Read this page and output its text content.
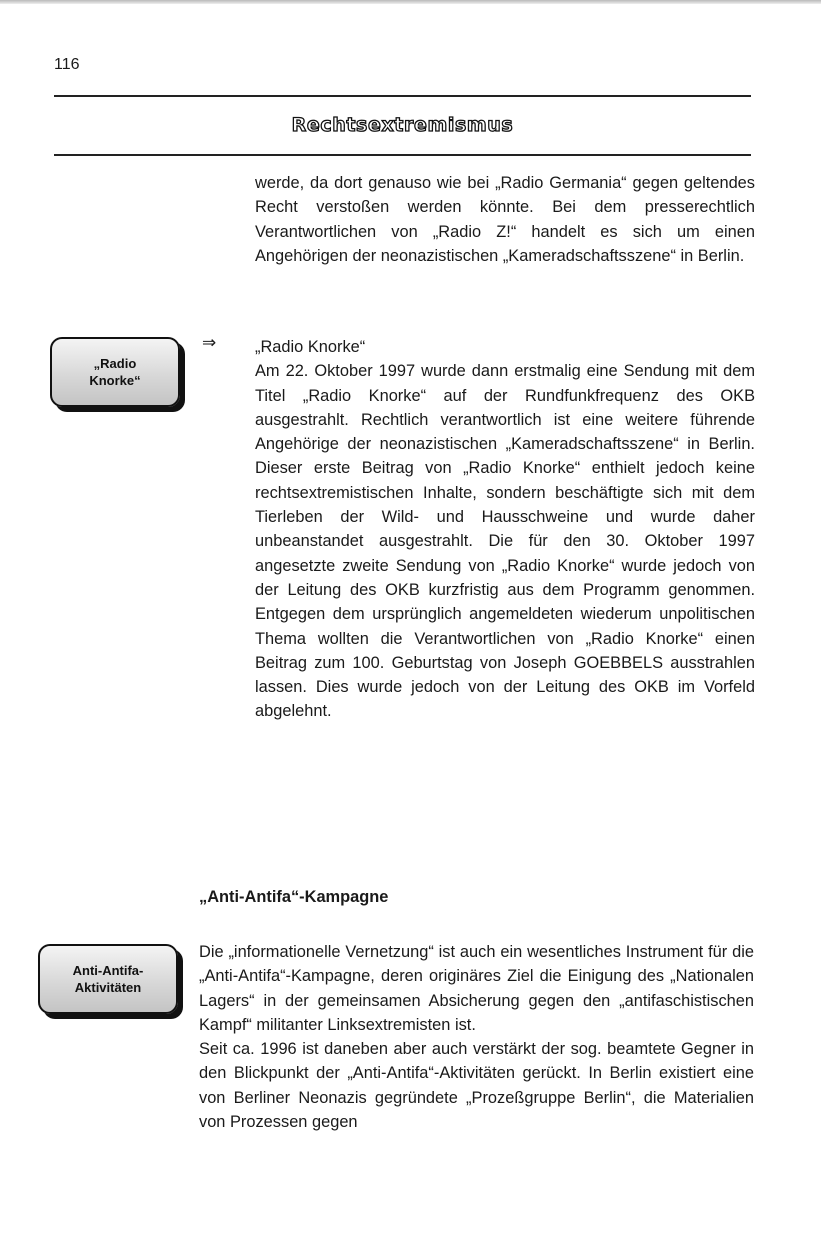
116
Rechtsextremismus

werde, da dort genauso wie bei „Radio Germania“ gegen geltendes Recht verstoßen werden könnte. Bei dem presserechtlich Verantwortlichen von „Radio Z!“ handelt es sich um einen Angehörigen der neonazistischen „Kameradschaftsszene“ in Berlin.

„Radio
Knorke“
⇒ „Radio Knorke“

Am 22. Oktober 1997 wurde dann erstmalig eine Sendung mit dem Titel „Radio Knorke“ auf der Rundfunkfrequenz des OKB ausgestrahlt. Rechtlich verantwortlich ist eine weitere führende Angehörige der neonazistischen „Kameradschaftsszene“ in Berlin. Dieser erste Beitrag von „Radio Knorke“ enthielt jedoch keine rechtsextremistischen Inhalte, sondern beschäftigte sich mit dem Tierleben der Wild- und Hausschweine und wurde daher unbeanstandet ausgestrahlt. Die für den 30. Oktober 1997 angesetzte zweite Sendung von „Radio Knorke“ wurde jedoch von der Leitung des OKB kurzfristig aus dem Programm genommen. Entgegen dem ursprünglich angemeldeten wiederum unpolitischen Thema wollten die Verantwortlichen von „Radio Knorke“ einen Beitrag zum 100. Geburtstag von Joseph GOEBBELS ausstrahlen lassen. Dies wurde jedoch von der Leitung des OKB im Vorfeld abgelehnt.

„Anti-Antifa“-Kampagne
Anti-Antifa-
Aktivitäten

Die „informationelle Vernetzung“ ist auch ein wesentliches Instrument für die „Anti-Antifa“-Kampagne, deren originäres Ziel die Einigung des „Nationalen Lagers“ in der gemeinsamen Absicherung gegen den „antifaschistischen Kampf“ militanter Linksextremisten ist.

Seit ca. 1996 ist daneben aber auch verstärkt der sog. beamtete Gegner in den Blickpunkt der „Anti-Antifa“-Aktivitäten gerückt. In Berlin existiert eine von Berliner Neonazis gegründete „Prozeßgruppe Berlin“, die Materialien von Prozessen gegen
